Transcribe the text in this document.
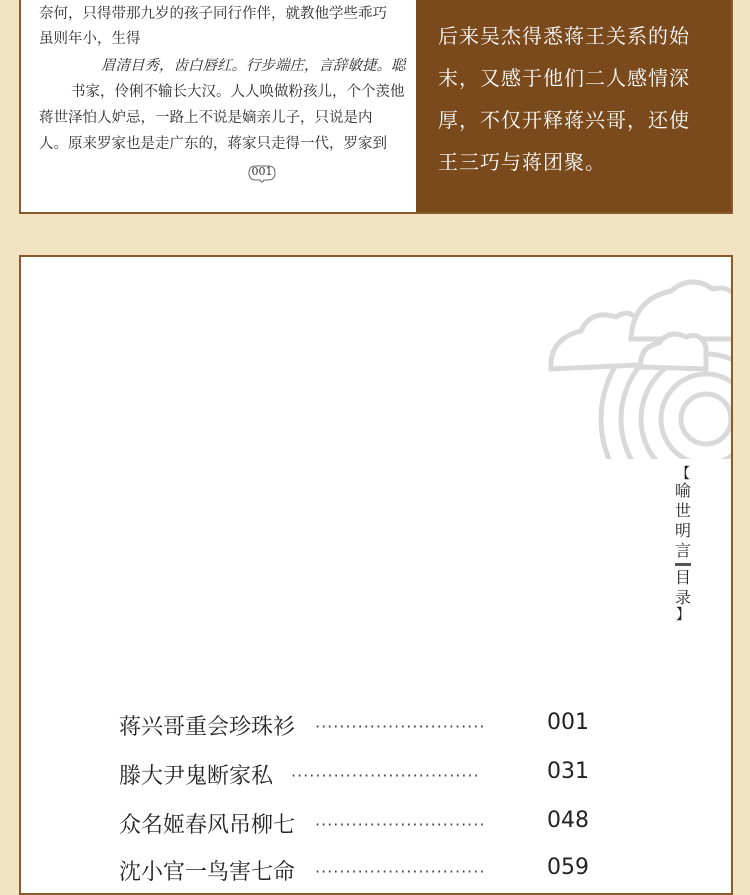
奈何，只得带那九岁的孩子同行作伴，就教他学些乖巧
虽则年小，生得
眉清目秀，齿白唇红。行步端庄，言辞敏捷。聪
书家，伶俐不输长大汉。人人唤做粉孩儿，个个羡他
蒋世泽怕人妒忌，一路上不说是嫡亲儿子，只说是内
人。原来罗家也是走广东的，蒋家只走得一代，罗家到
001
后来吴杰得悉蒋王关系的始
末，又感于他们二人感情深
厚，不仅开释蒋兴哥，还使
王三巧与蒋团聚。
【
喻
世
明
言
目
录
】
蒋兴哥重会珍珠衫 ····························	001
滕大尹鬼断家私 ·······························	031
众名姬春风吊柳七 ····························	048
沈小官一鸟害七命 ····························	059
